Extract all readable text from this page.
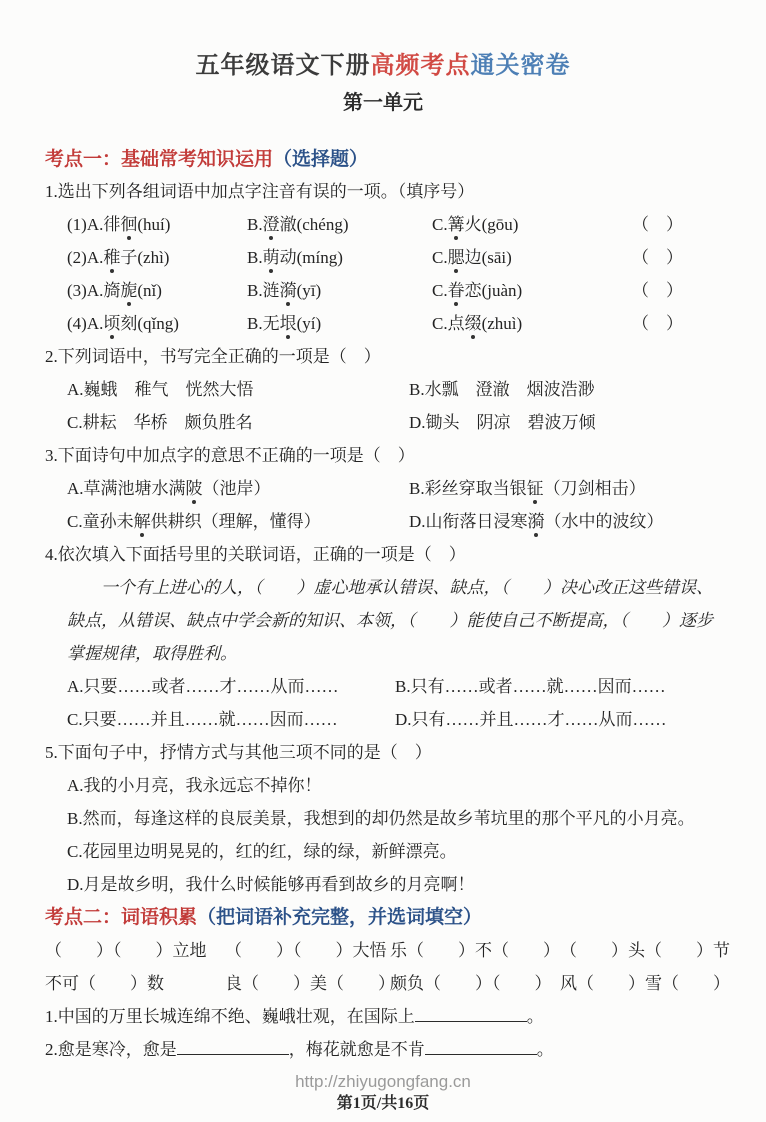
五年级语文下册高频考点通关密卷
第一单元
考点一：基础常考知识运用（选择题）
1.选出下列各组词语中加点字注音有误的一项。（填序号）
(1)A.徘徊(huí)	B.澄澈(chéng)	C.篝火(gōu)	（　）
(2)A.稚子(zhì)	B.萌动(míng)	C.腮边(sāi)	（　）
(3)A.旖旎(nǐ)	B.涟漪(yī)	C.眷恋(juàn)	（　）
(4)A.顷刻(qǐng)	B.无垠(yí)	C.点缀(zhuì)	（　）
2.下列词语中，书写完全正确的一项是（　）
A.巍蛾　稚气　恍然大悟	B.水瓢　澄澈　烟波浩渺
C.耕耘　华桥　颇负胜名	D.锄头　阴凉　碧波万倾
3.下面诗句中加点字的意思不正确的一项是（　）
A.草满池塘水满陂（池岸）	B.彩丝穿取当银钲（刀剑相击）
C.童孙未解供耕织（理解，懂得）	D.山衔落日浸寒漪（水中的波纹）
4.依次填入下面括号里的关联词语，正确的一项是（　）
一个有上进心的人，（　　）虚心地承认错误、缺点，（　　）决心改正这些错误、缺点，从错误、缺点中学会新的知识、本领，（　　）能使自己不断提高，（　　）逐步掌握规律，取得胜利。
A.只要……或者……才……从而……	B.只有……或者……就……因而……
C.只要……并且……就……因而……	D.只有……并且……才……从而……
5.下面句子中，抒情方式与其他三项不同的是（　）
A.我的小月亮，我永远忘不掉你！
B.然而，每逢这样的良辰美景，我想到的却仍然是故乡苇坑里的那个平凡的小月亮。
C.花园里边明晃晃的，红的红，绿的绿，新鲜漂亮。
D.月是故乡明，我什么时候能够再看到故乡的月亮啊！
考点二：词语积累（把词语补充完整，并选词填空）
（　　）（　　）立地	（　　）（　　）大悟 乐（　　）不（　　） （　　）头（　　）节
不可（　　）数	良（　　）美（　　）
颇负（　　）（　　） 风（　　）雪（　　）
1.中国的万里长城连绵不绝、巍峨壮观，在国际上	。
2.愈是寒冷，愈是	，梅花就愈是不肯	。
http://zhiyugongfang.cn
第1页/共16页
